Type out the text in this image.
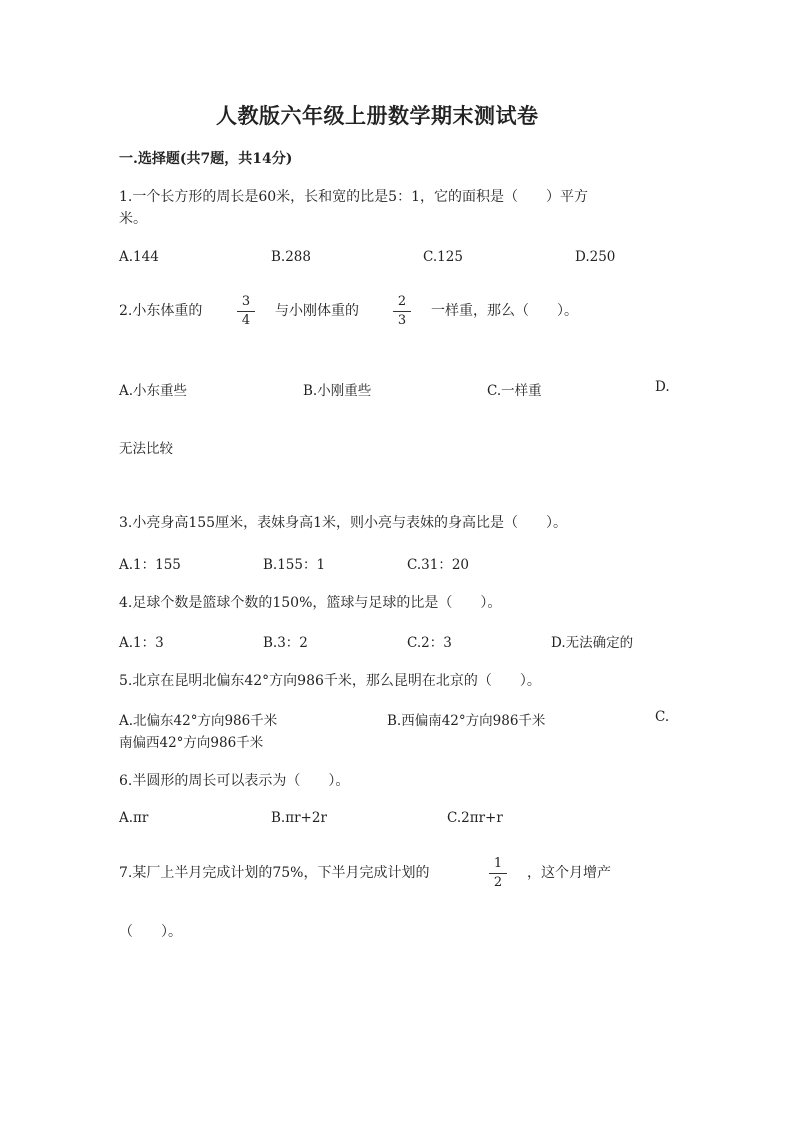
人教版六年级上册数学期末测试卷
一.选择题(共7题，共14分)
1.一个长方形的周长是60米，长和宽的比是5：1，它的面积是（　　）平方
米。
A.144	B.288	C.125	D.250
2.小东体重的
3
4
与小刚体重的
2
3
一样重，那么（　　）。
A.小东重些	B.小刚重些	C.一样重	D.
无法比较
3.小亮身高155厘米，表妹身高1米，则小亮与表妹的身高比是（　　）。
A.1：155	B.155：1	C.31：20
4.足球个数是篮球个数的150%，篮球与足球的比是（　　）。
A.1：3	B.3：2	C.2：3	D.无法确定的
5.北京在昆明北偏东42°方向986千米，那么昆明在北京的（　　）。
A.北偏东42°方向986千米	B.西偏南42°方向986千米	C.
南偏西42°方向986千米
6.半圆形的周长可以表示为（　　）。
A.πr	B.πr+2r	C.2πr+r
7.某厂上半月完成计划的75%，下半月完成计划的
1
2
，这个月增产
（　　）。
